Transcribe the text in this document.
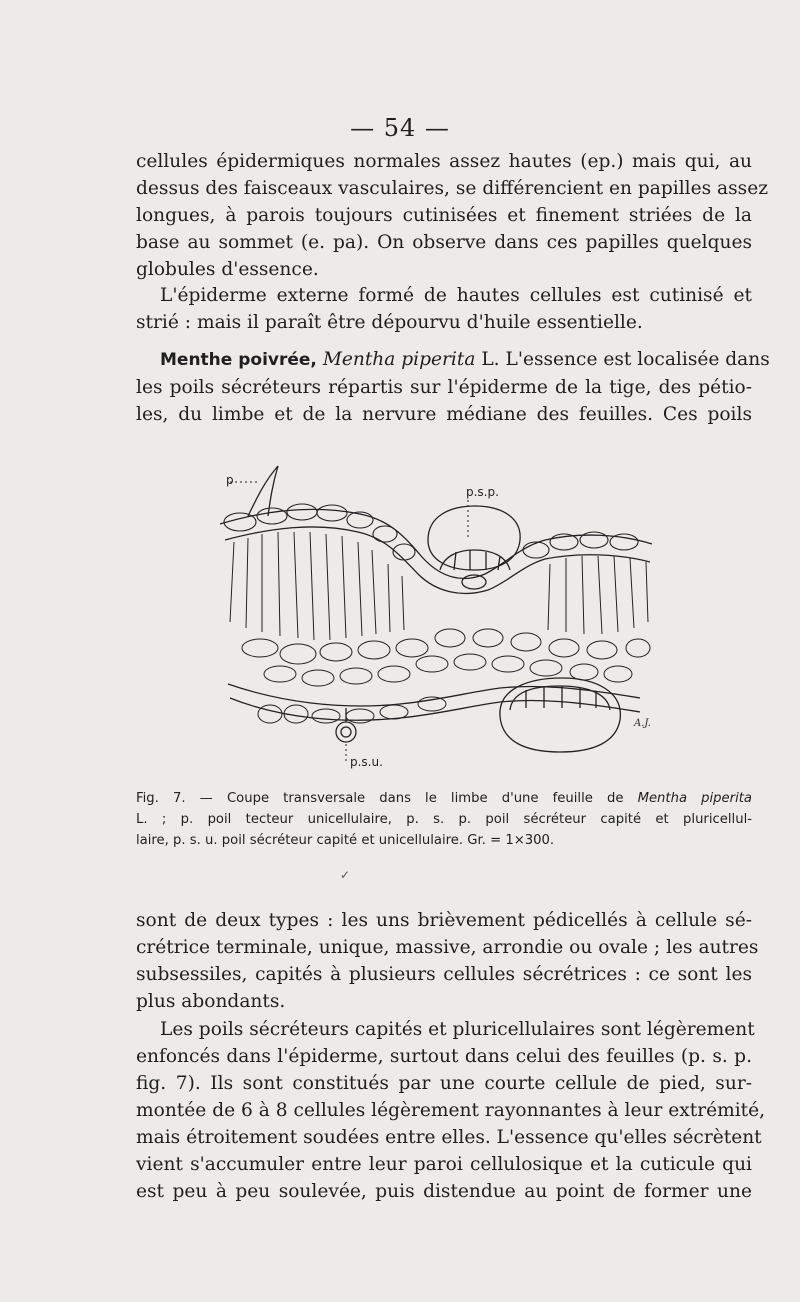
— 54 —
cellules épidermiques normales assez hautes (ep.) mais qui, au
dessus des faisceaux vasculaires, se différencient en papilles assez
longues, à parois toujours cutinisées et finement striées de la
base au sommet (e. pa). On observe dans ces papilles quelques
globules d'essence.
L'épiderme externe formé de hautes cellules est cutinisé et
strié : mais il paraît être dépourvu d'huile essentielle.
Menthe poivrée, Mentha piperita L. L'essence est localisée dans
les poils sécréteurs répartis sur l'épiderme de la tige, des pétio-
les, du limbe et de la nervure médiane des feuilles. Ces poils
p
p.s.p.
p.s.u.
A.J.
Fig. 7. — Coupe transversale dans le limbe d'une feuille de Mentha piperita
L. ; p. poil tecteur unicellulaire, p. s. p. poil sécréteur capité et pluricellul-
laire, p. s. u. poil sécréteur capité et unicellulaire. Gr. = 1×300.
✓
sont de deux types : les uns brièvement pédicellés à cellule sé-
crétrice terminale, unique, massive, arrondie ou ovale ; les autres
subsessiles, capités à plusieurs cellules sécrétrices : ce sont les
plus abondants.
Les poils sécréteurs capités et pluricellulaires sont légèrement
enfoncés dans l'épiderme, surtout dans celui des feuilles (p. s. p.
fig. 7). Ils sont constitués par une courte cellule de pied, sur-
montée de 6 à 8 cellules légèrement rayonnantes à leur extrémité,
mais étroitement soudées entre elles. L'essence qu'elles sécrètent
vient s'accumuler entre leur paroi cellulosique et la cuticule qui
est peu à peu soulevée, puis distendue au point de former une
